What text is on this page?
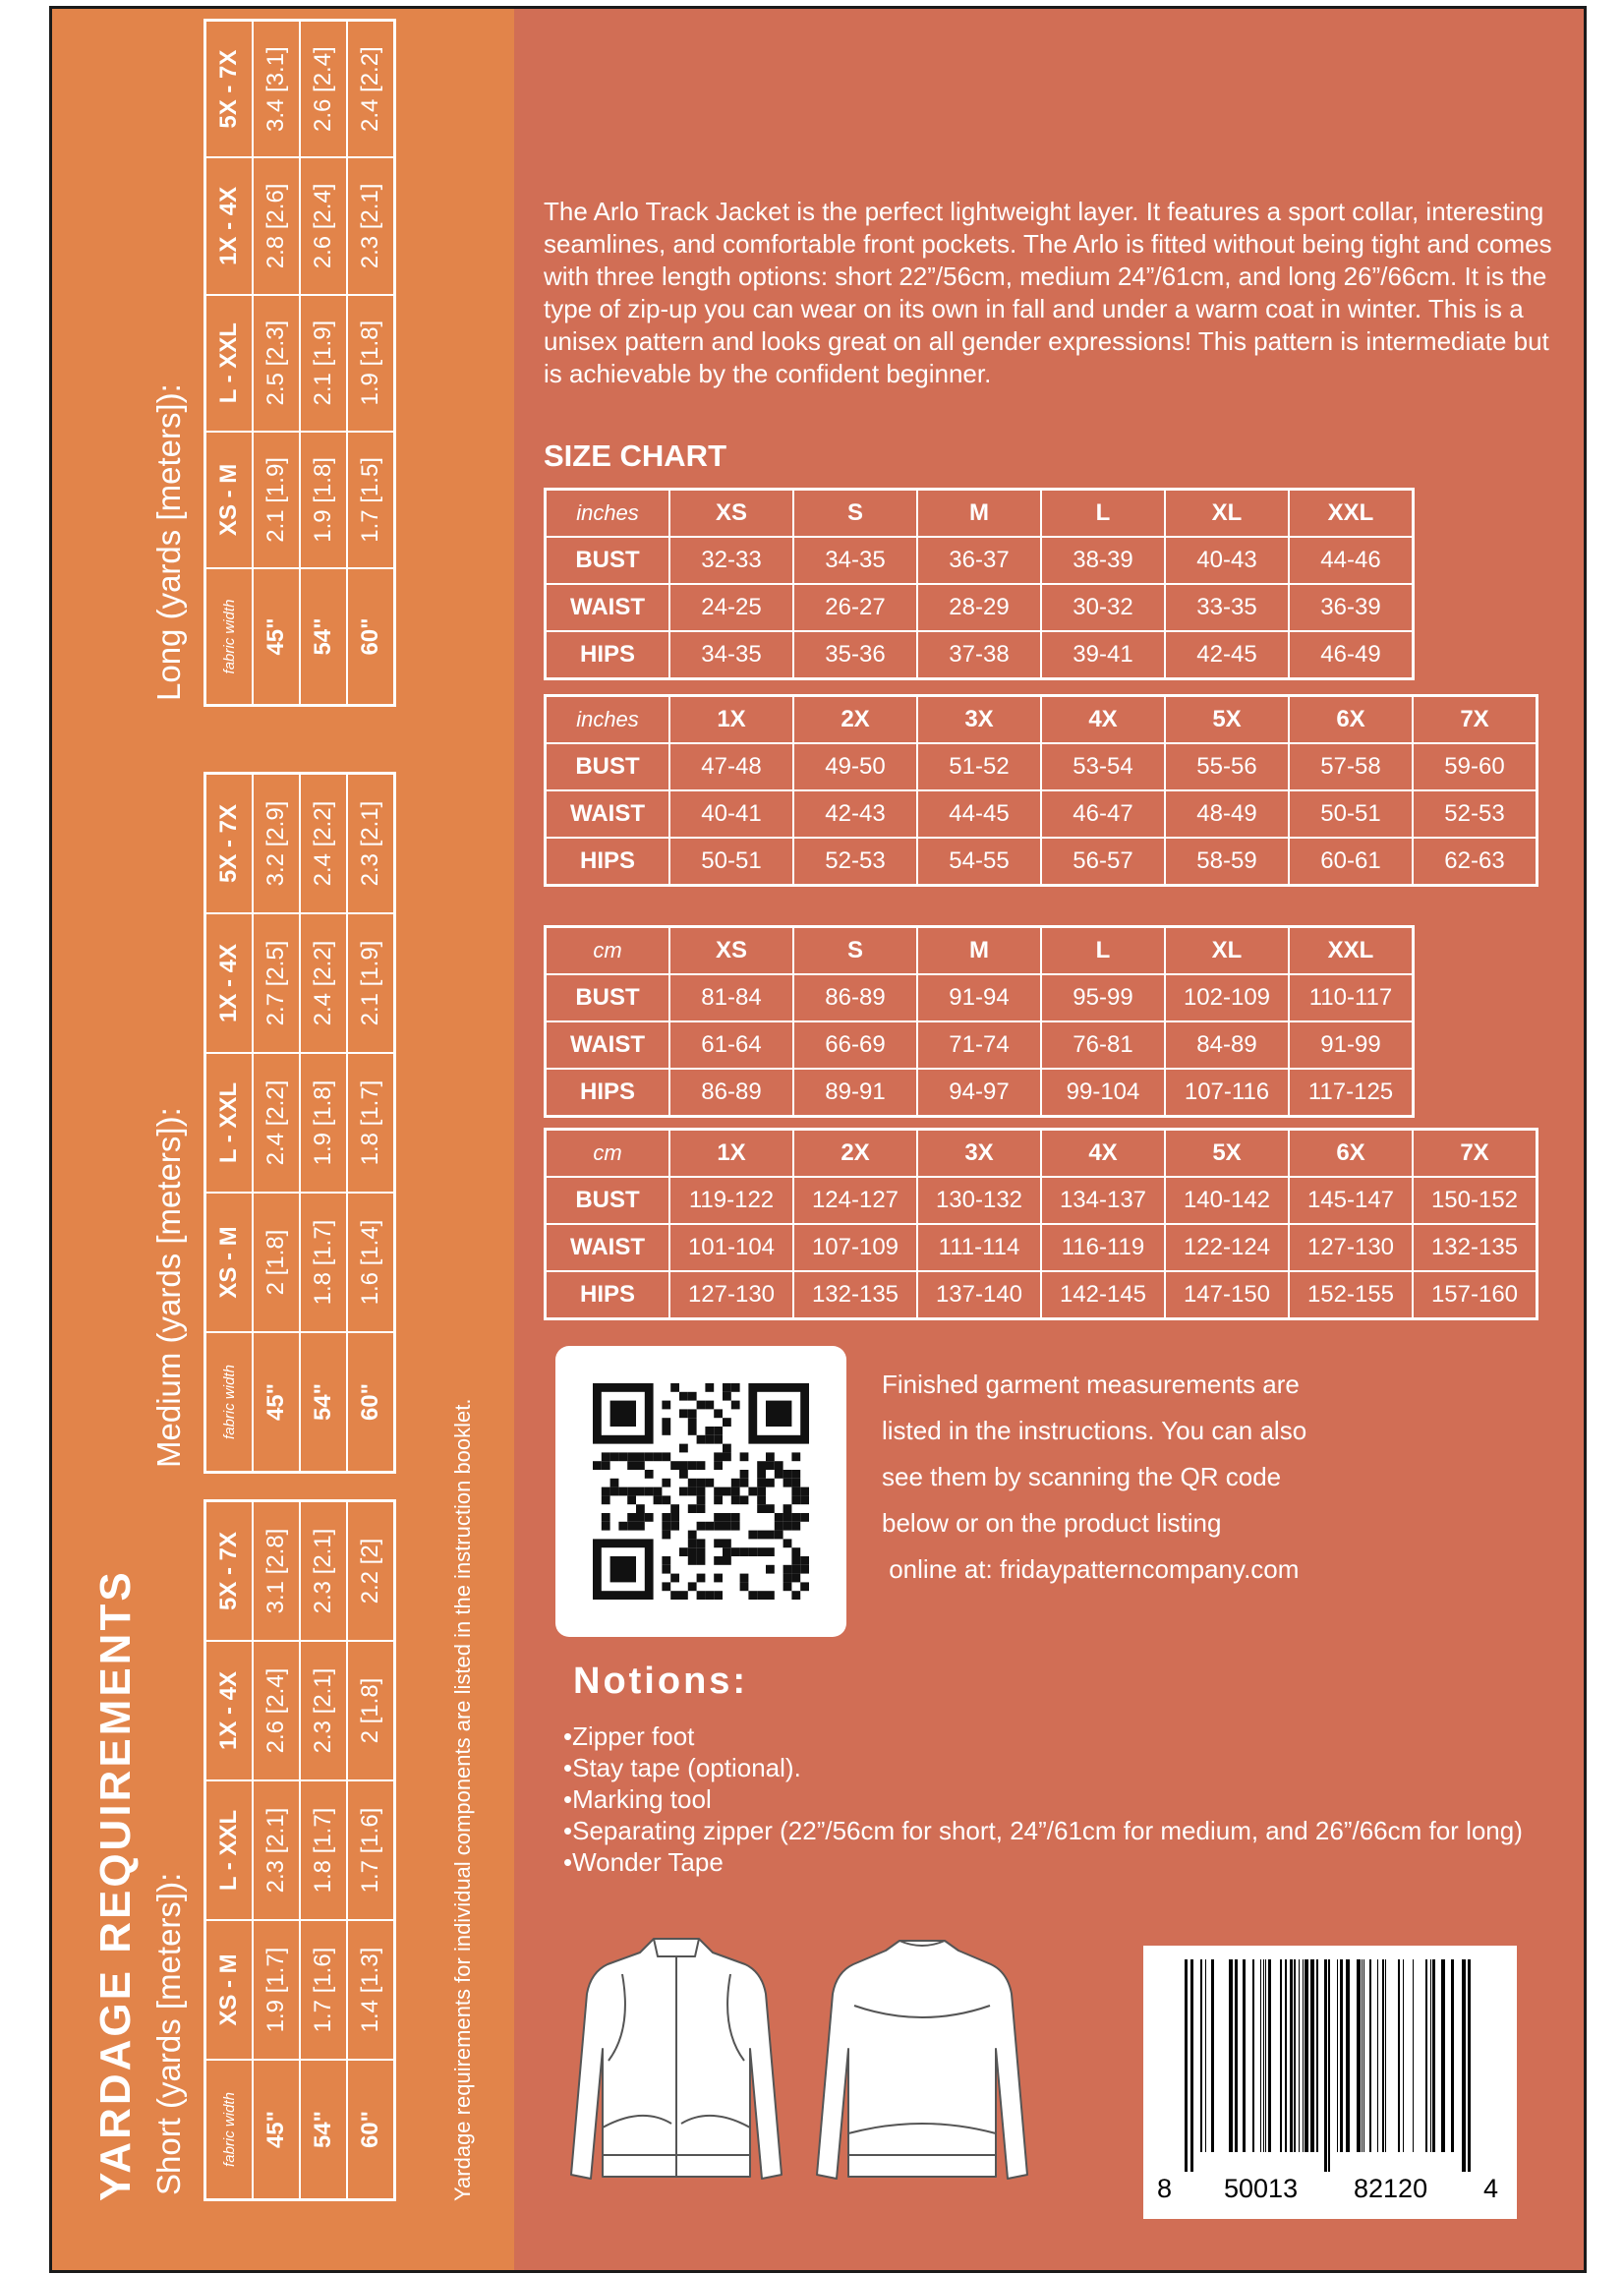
YARDAGE REQUIREMENTS Short (yards [meters]): fabric width	XS - M	L - XXL	1X - 4X	5X - 7X
45"	1.9 [1.7]	2.3 [2.1]	2.6 [2.4]	3.1 [2.8]
54"	1.7 [1.6]	1.8 [1.7]	2.3 [2.1]	2.3 [2.1]
60"	1.4 [1.3]	1.7 [1.6]	2 [1.8]	2.2 [2]
Medium (yards [meters]): fabric width	XS - M	L - XXL	1X - 4X	5X - 7X
45"	2 [1.8]	2.4 [2.2]	2.7 [2.5]	3.2 [2.9]
54"	1.8 [1.7]	1.9 [1.8]	2.4 [2.2]	2.4 [2.2]
60"	1.6 [1.4]	1.8 [1.7]	2.1 [1.9]	2.3 [2.1]
Long (yards [meters]): fabric width	XS - M	L - XXL	1X - 4X	5X - 7X
45"	2.1 [1.9]	2.5 [2.3]	2.8 [2.6]	3.4 [3.1]
54"	1.9 [1.8]	2.1 [1.9]	2.6 [2.4]	2.6 [2.4]
60"	1.7 [1.5]	1.9 [1.8]	2.3 [2.1]	2.4 [2.2]
Yardage requirements for individual components are listed in the instruction booklet.
The Arlo Track Jacket is the perfect lightweight layer. It features a sport collar, interesting seamlines, and comfortable front pockets. The Arlo is fitted without being tight and comes with three length options: short 22”/56cm, medium 24”/61cm, and long 26”/66cm. It is the type of zip-up you can wear on its own in fall and under a warm coat in winter. This is a unisex pattern and looks great on all gender expressions! This pattern is intermediate but is achievable by the confident beginner.
SIZE CHART
inches	XS	S	M	L	XL	XXL
BUST	32-33	34-35	36-37	38-39	40-43	44-46
WAIST	24-25	26-27	28-29	30-32	33-35	36-39
HIPS	34-35	35-36	37-38	39-41	42-45	46-49
inches	1X	2X	3X	4X	5X	6X	7X
BUST	47-48	49-50	51-52	53-54	55-56	57-58	59-60
WAIST	40-41	42-43	44-45	46-47	48-49	50-51	52-53
HIPS	50-51	52-53	54-55	56-57	58-59	60-61	62-63
cm	XS	S	M	L	XL	XXL
BUST	81-84	86-89	91-94	95-99	102-109	110-117
WAIST	61-64	66-69	71-74	76-81	84-89	91-99
HIPS	86-89	89-91	94-97	99-104	107-116	117-125
cm	1X	2X	3X	4X	5X	6X	7X
BUST	119-122	124-127	130-132	134-137	140-142	145-147	150-152
WAIST	101-104	107-109	111-114	116-119	122-124	127-130	132-135
HIPS	127-130	132-135	137-140	142-145	147-150	152-155	157-160
Finished garment measurements are
listed in the instructions. You can also
see them by scanning the QR code
below or on the product listing
online at: fridaypatterncompany.com
Notions:
• Zipper foot
• Stay tape (optional).
• Marking tool
• Separating zipper (22”/56cm for short, 24”/61cm for medium, and 26”/66cm for long)
• Wonder Tape
8 50013 82120 4
